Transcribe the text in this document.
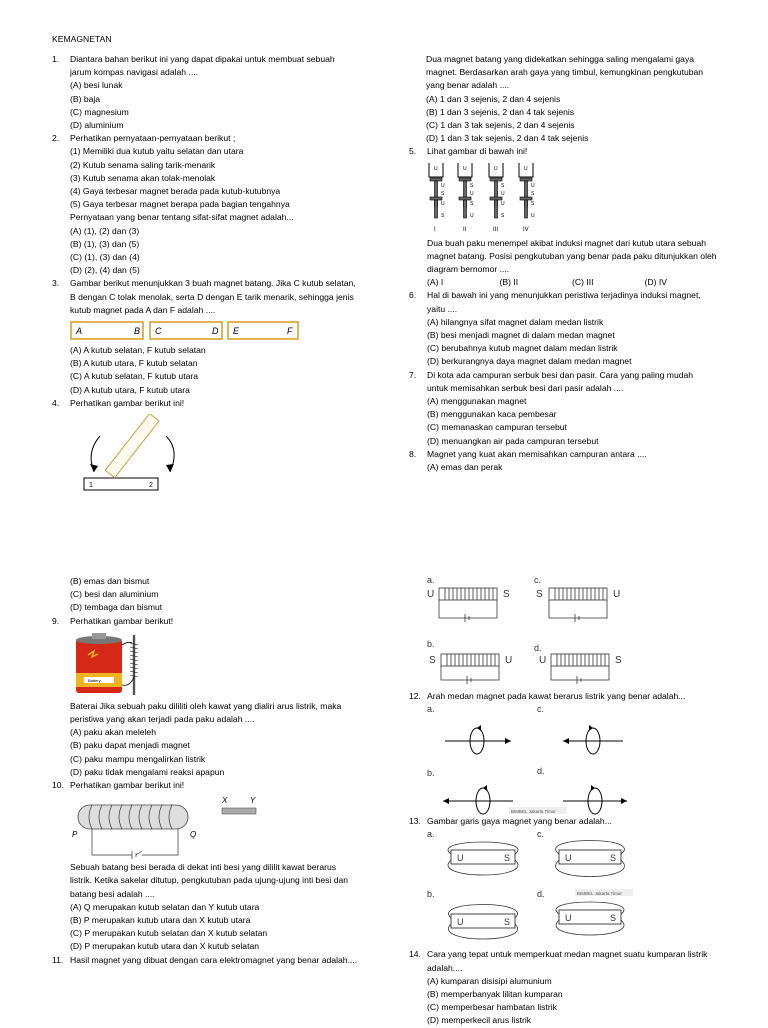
KEMAGNETAN
1. Diantara bahan berikut ini yang dapat dipakai untuk membuat sebuah
jarum kompas navigasi adalah ....
(A) besi lunak
(B) baja
(C) magnesium
(D) aluminium
2. Perhatikan pernyataan-pernyataan berikut ;
(1) Memiliki dua kutub yaitu selatan dan utara
(2) Kutub senama saling tarik-menarik
(3) Kutub senama akan tolak-menolak
(4) Gaya terbesar magnet berada pada kutub-kutubnya
(5) Gaya terbesar magnet berapa pada bagian tengahnya
Pernyataan yang benar tentang sifat-sifat magnet adalah...
(A) (1), (2) dan (3)
(B) (1), (3) dan (5)
(C) (1), (3) dan (4)
(D) (2), (4) dan (5)
3. Gambar berikut menunjukkan 3 buah magnet batang. Jika C kutub selatan,
B dengan C tolak menolak, serta D dengan E tarik menarik, sehingga jenis
kutub magnet pada A dan F adalah ....
A	B C	D E	F
(A) A kutub selatan, F kutub selatan
(B) A kutub utara, F kutub selatan
(C) A kutub selatan, F kutub utara
(D) A kutub utara, F kutub utara
4. Perhatikan gambar berikut ini!
1	2
Dua magnet batang yang didekatkan sehingga saling mengalami gaya
magnet. Berdasarkan arah gaya yang timbul, kemungkinan pengkutuban
yang benar adalah ....
(A) 1 dan 3 sejenis, 2 dan 4 sejenis
(B) 1 dan 3 sejenis, 2 dan 4 tak sejenis
(C) 1 dan 3 tak sejenis, 2 dan 4 sejenis
(D) 1 dan 3 tak sejenis, 2 dan 4 tak sejenis
5. Lihat gambar di bawah ini!
U	U	U	U
U
S
U
S
S
U
S
U
S
U
U
S
U
S
S
U
I	II	III	IV
Dua buah paku menempel akibat induksi magnet dari kutub utara sebuah
magnet batang. Posisi pengkutuban yang benar pada paku ditunjukkan oleh
diagram bernomor ....
(A) I	(B) II	(C) III	(D) IV
6. Hal di bawah ini yang menunjukkan peristiwa terjadinya induksi magnet,
yaitu ....
(A) hilangnya sifat magnet dalam medan listrik
(B) besi menjadi magnet di dalam medan magnet
(C) berubahnya kutub magnet dalam medan listrik
(D) berkurangnya daya magnet dalam medan magnet
7. Di kota ada campuran serbuk besi dan pasir. Cara yang paling mudah
untuk memisahkan serbuk besi dari pasir adalah ....
(A) menggunakan magnet
(B) menggunakan kaca pembesar
(C) memanaskan campuran tersebut
(D) menuangkan air pada campuran tersebut
8. Magnet yang kuat akan memisahkan campuran antara ....
(A) emas dan perak
(B) emas dan bismut
(C) besi dan aluminium
(D) tembaga dan bismut
9. Perhatikan gambar berikut!
Battery
Baterai Jika sebuah paku dililiti oleh kawat yang dialiri arus listrik, maka
peristiwa yang akan terjadi pada paku adalah ....
(A) paku akan meleleh
(B) paku dapat menjadi magnet
(C) paku mampu mengalirkan listrik
(D) paku tidak mengalami reaksi apapun
10. Perhatikan gambar berikut ini!
X	Y
P	Q
Sebuah batang besi berada di dekat inti besi yang dililit kawat berarus
listrik. Ketika sakelar ditutup, pengkutuban pada ujung-ujung inti besi dan
batang besi adalah ....
(A) Q merupakan kutub selatan dan Y kutub utara
(B) P merupakan kutub utara dan X kutub utara
(C) P merupakan kutub selatan dan X kutub selatan
(D) P merupakan kutub utara dan X kutub selatan
11. Hasil magnet yang dibuat dengan cara elektromagnet yang benar adalah....
a.	c.
b.	d.
U	S	S	U
S	U	U	S
12. Arah medan magnet pada kawat berarus listrik yang benar adalah...
a.	c.
b.	d.
BIMBEL Jakarta Timur
13. Gambar garis gaya magnet yang benar adalah...
a.	c.
b.	d.
U	S	U	S
U	S	U	S
BIMBEL Jakarta Timur
14. Cara yang tepat untuk memperkuat medan magnet suatu kumparan listrik
adalah....
(A) kumparan disisipi alumunium
(B) memperbanyak lilitan kumparan
(C) memperbesar hambatan listrik
(D) memperkecil arus listrik
